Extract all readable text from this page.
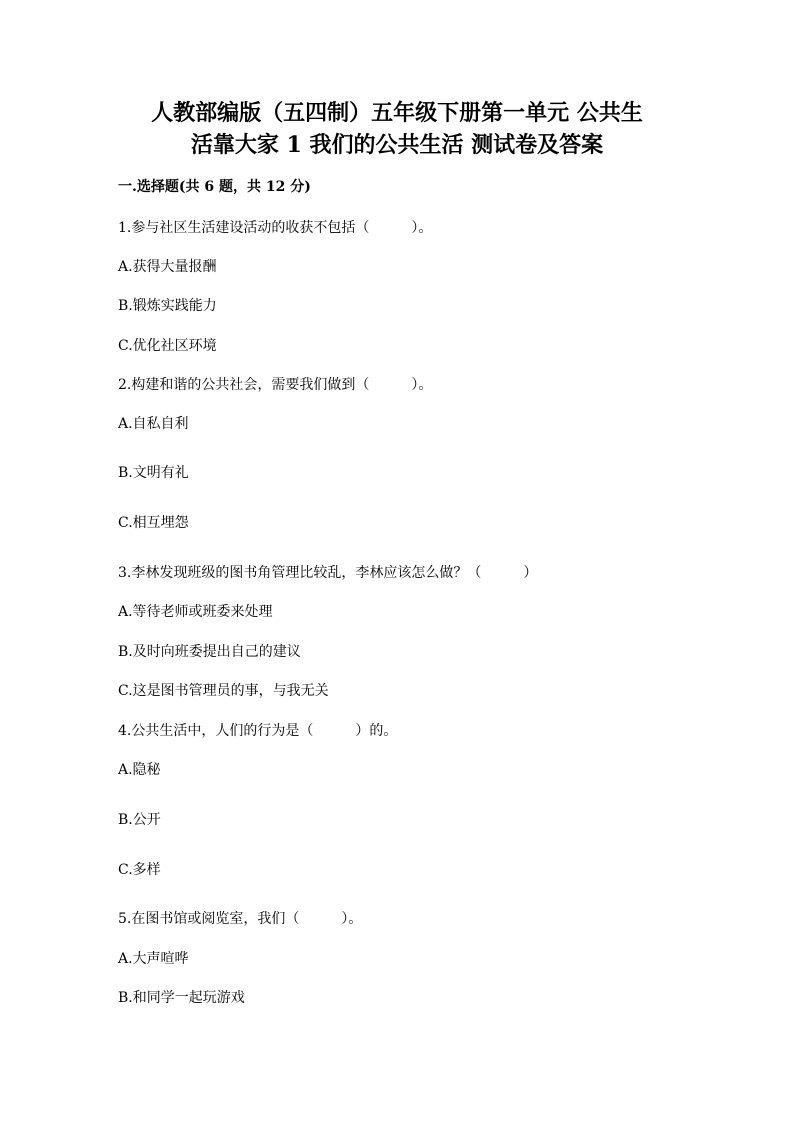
人教部编版（五四制）五年级下册第一单元 公共生
活靠大家 1 我们的公共生活 测试卷及答案
一.选择题(共 6 题，共 12 分)
1.参与社区生活建设活动的收获不包括（　　　）。
A.获得大量报酬
B.锻炼实践能力
C.优化社区环境
2.构建和谐的公共社会，需要我们做到（　　　）。
A.自私自利
B.文明有礼
C.相互埋怨
3.李林发现班级的图书角管理比较乱，李林应该怎么做？（　　　）
A.等待老师或班委来处理
B.及时向班委提出自己的建议
C.这是图书管理员的事，与我无关
4.公共生活中，人们的行为是（　　　）的。
A.隐秘
B.公开
C.多样
5.在图书馆或阅览室，我们（　　　）。
A.大声喧哗
B.和同学一起玩游戏
